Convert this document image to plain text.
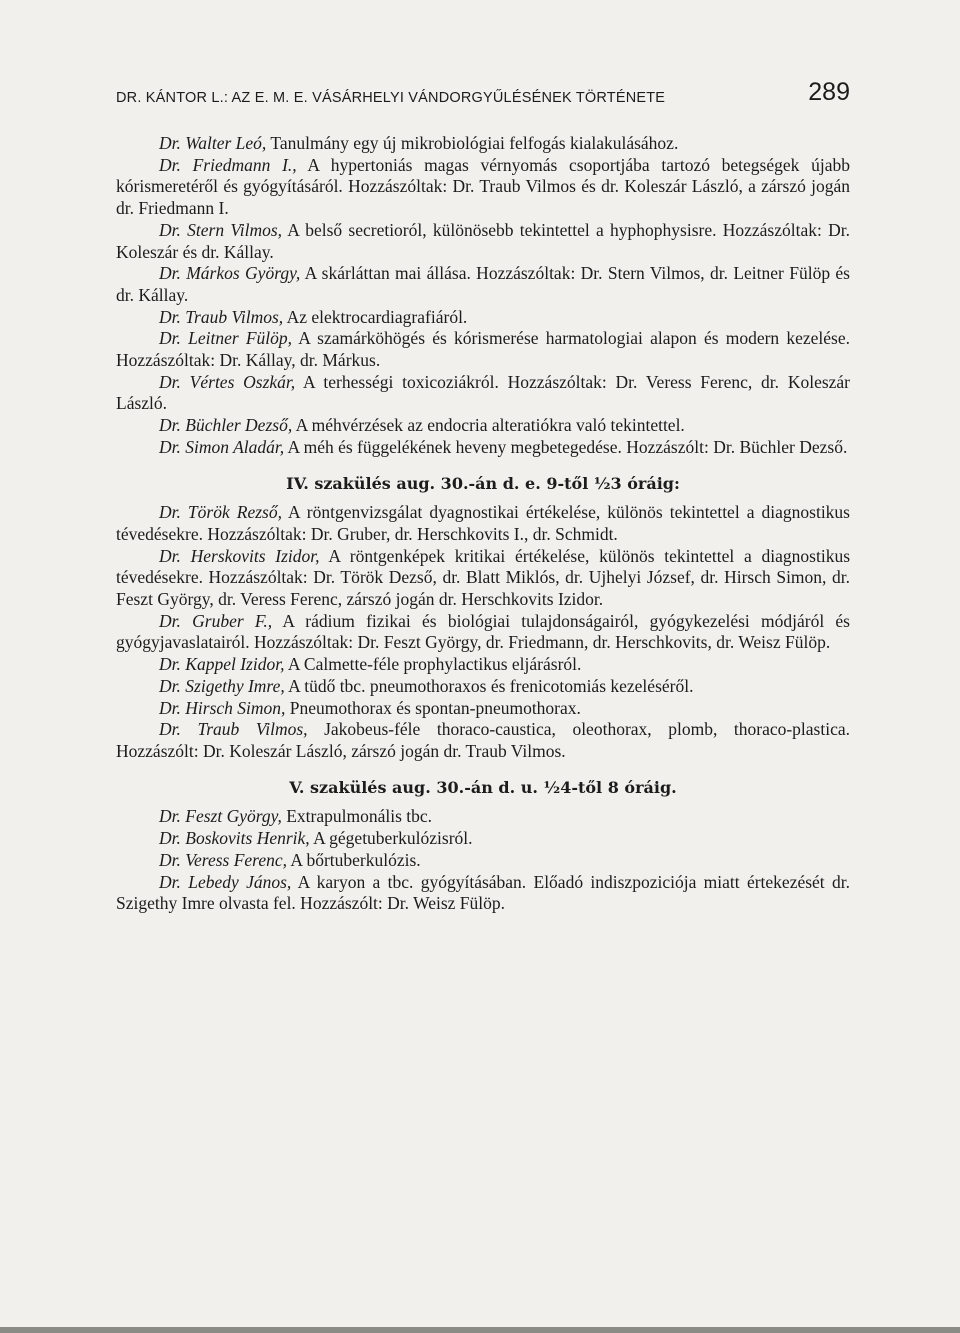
DR. KÁNTOR L.: AZ E. M. E. VÁSÁRHELYI VÁNDORGYŰLÉSÉNEK TÖRTÉNETE	289
Dr. Walter Leó, Tanulmány egy új mikrobiológiai felfogás kialakulásához.
Dr. Friedmann I., A hypertoniás magas vérnyomás csoportjába tartozó betegségek újabb kórismeretéről és gyógyításáról. Hozzászóltak: Dr. Traub Vilmos és dr. Koleszár László, a zárszó jogán dr. Friedmann I.
Dr. Stern Vilmos, A belső secretioról, különösebb tekintettel a hyphophysisre. Hozzászóltak: Dr. Koleszár és dr. Kállay.
Dr. Márkos György, A skárláttan mai állása. Hozzászóltak: Dr. Stern Vilmos, dr. Leitner Fülöp és dr. Kállay.
Dr. Traub Vilmos, Az elektrocardiagrafiáról.
Dr. Leitner Fülöp, A szamárköhögés és kórismerése harmatologiai alapon és modern kezelése. Hozzászóltak: Dr. Kállay, dr. Márkus.
Dr. Vértes Oszkár, A terhességi toxicoziákról. Hozzászóltak: Dr. Veress Ferenc, dr. Koleszár László.
Dr. Büchler Dezső, A méhvérzések az endocria alteratiókra való tekintettel.
Dr. Simon Aladár, A méh és függelékének heveny megbetegedése. Hozzászólt: Dr. Büchler Dezső.
IV. szakülés aug. 30.-án d. e. 9-től ½3 óráig:
Dr. Török Rezső, A röntgenvizsgálat dyagnostikai értékelése, különös tekintettel a diagnostikus tévedésekre. Hozzászóltak: Dr. Gruber, dr. Herschkovits I., dr. Schmidt.
Dr. Herskovits Izidor, A röntgenképek kritikai értékelése, különös tekintettel a diagnostikus tévedésekre. Hozzászóltak: Dr. Török Dezső, dr. Blatt Miklós, dr. Ujhelyi József, dr. Hirsch Simon, dr. Feszt György, dr. Veress Ferenc, zárszó jogán dr. Herschkovits Izidor.
Dr. Gruber F., A rádium fizikai és biológiai tulajdonságairól, gyógykezelési módjáról és gyógyjavaslatairól. Hozzászóltak: Dr. Feszt György, dr. Friedmann, dr. Herschkovits, dr. Weisz Fülöp.
Dr. Kappel Izidor, A Calmette-féle prophylactikus eljárásról.
Dr. Szigethy Imre, A tüdő tbc. pneumothoraxos és frenicotomiás kezeléséről.
Dr. Hirsch Simon, Pneumothorax és spontan-pneumothorax.
Dr. Traub Vilmos, Jakobeus-féle thoraco-caustica, oleothorax, plomb, thoraco-plastica. Hozzászólt: Dr. Koleszár László, zárszó jogán dr. Traub Vilmos.
V. szakülés aug. 30.-án d. u. ½4-től 8 óráig.
Dr. Feszt György, Extrapulmonális tbc.
Dr. Boskovits Henrik, A gégetuberkulózisról.
Dr. Veress Ferenc, A bőrtuberkulózis.
Dr. Lebedy János, A karyon a tbc. gyógyításában. Előadó indiszpoziciója miatt értekezését dr. Szigethy Imre olvasta fel. Hozzászólt: Dr. Weisz Fülöp.
